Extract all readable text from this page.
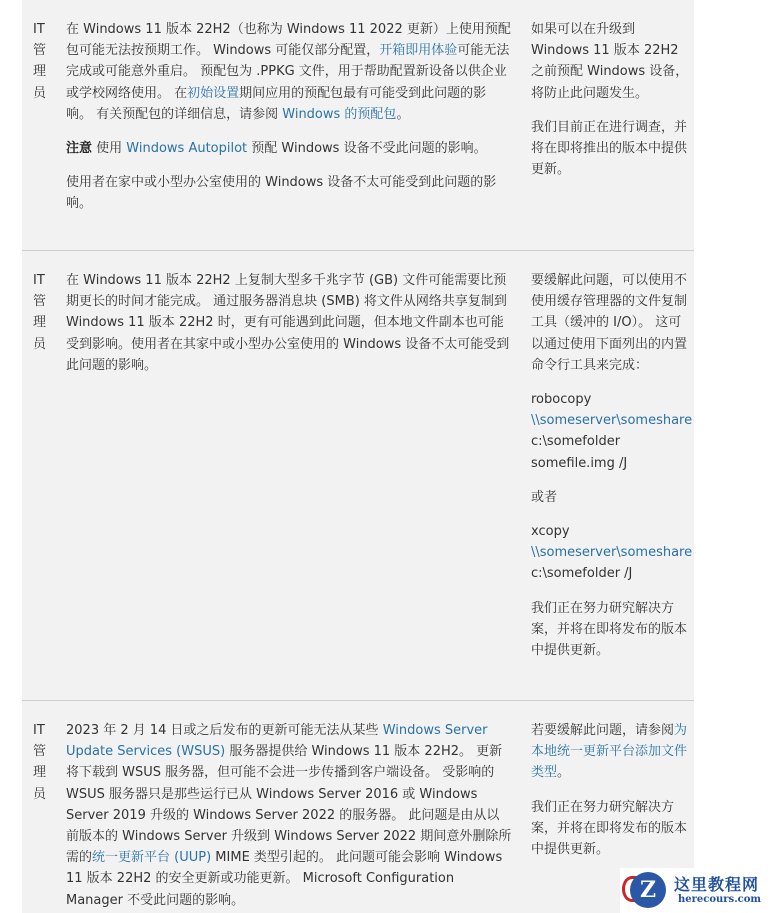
IT
管
理
员

在 Windows 11 版本 22H2（也称为 Windows 11 2022 更新）上使用预配包可能无法按预期工作。 Windows 可能仅部分配置，开箱即用体验可能无法完成或可能意外重启。 预配包为 .PPKG 文件，用于帮助配置新设备以供企业或学校网络使用。 在初始设置期间应用的预配包最有可能受到此问题的影响。 有关预配包的详细信息，请参阅 Windows 的预配包。

注意 使用 Windows Autopilot 预配 Windows 设备不受此问题的影响。

使用者在家中或小型办公室使用的 Windows 设备不太可能受到此问题的影响。

如果可以在升级到 Windows 11 版本 22H2 之前预配 Windows 设备，将防止此问题发生。

我们目前正在进行调查，并将在即将推出的版本中提供更新。

IT
管
理
员

在 Windows 11 版本 22H2 上复制大型多千兆字节 (GB) 文件可能需要比预期更长的时间才能完成。 通过服务器消息块 (SMB) 将文件从网络共享复制到 Windows 11 版本 22H2 时，更有可能遇到此问题，但本地文件副本也可能受到影响。使用者在其家中或小型办公室使用的 Windows 设备不太可能受到此问题的影响。

要缓解此问题，可以使用不使用缓存管理器的文件复制工具（缓冲的 I/O）。 这可以通过使用下面列出的内置命令行工具来完成：

robocopy
\\someserver\someshare
c:\somefolder
somefile.img /J

或者

xcopy
\\someserver\someshare
c:\somefolder /J

我们正在努力研究解决方案，并将在即将发布的版本中提供更新。

IT
管
理
员

2023 年 2 月 14 日或之后发布的更新可能无法从某些 Windows Server Update Services (WSUS) 服务器提供给 Windows 11 版本 22H2。 更新将下载到 WSUS 服务器，但可能不会进一步传播到客户端设备。 受影响的 WSUS 服务器只是那些运行已从 Windows Server 2016 或 Windows Server 2019 升级的 Windows Server 2022 的服务器。 此问题是由从以前版本的 Windows Server 升级到 Windows Server 2022 期间意外删除所需的统一更新平台 (UUP) MIME 类型引起的。 此问题可能会影响 Windows 11 版本 22H2 的安全更新或功能更新。 Microsoft Configuration Manager 不受此问题的影响。

若要缓解此问题，请参阅为本地统一更新平台添加文件类型。

我们正在努力研究解决方案，并将在即将发布的版本中提供更新。

Z	这里教程网
herecours.com
